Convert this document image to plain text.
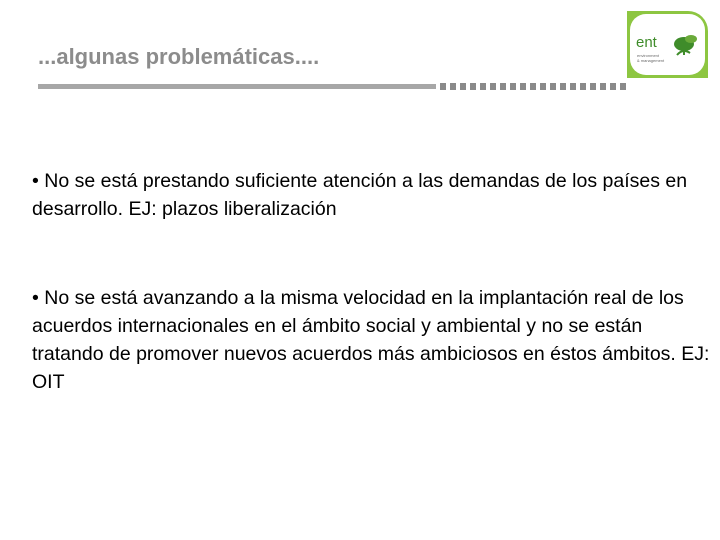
...algunas problemáticas....
ent
environment
& management
• No se está prestando suficiente atención a las demandas de los países en desarrollo. EJ: plazos liberalización
• No se está avanzando a la misma velocidad en la implantación real de los acuerdos internacionales en el ámbito social y ambiental y no se están tratando de promover nuevos acuerdos más ambiciosos en éstos ámbitos. EJ: OIT
